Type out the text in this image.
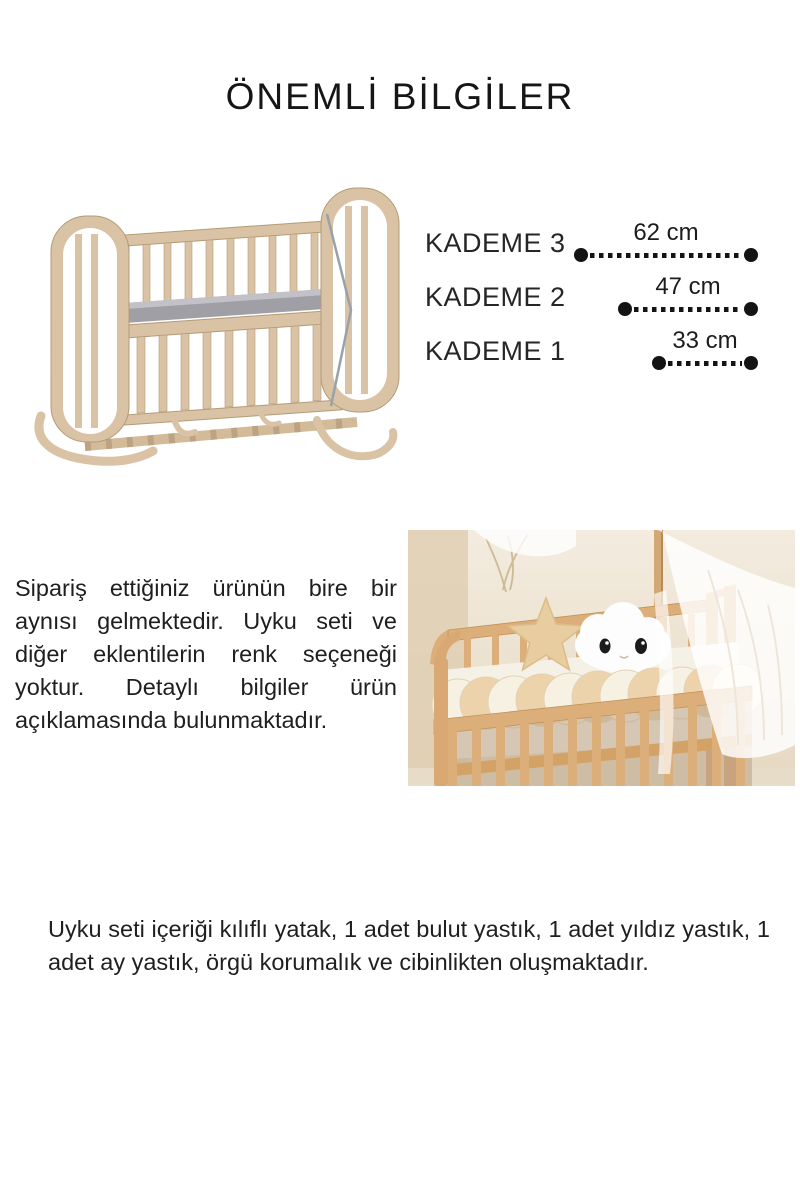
ÖNEMLİ BİLGİLER
KADEME 3	62 cm
KADEME 2	47 cm
KADEME 1	33 cm
Sipariş ettiğiniz ürünün bire bir aynısı gelmektedir. Uyku seti ve diğer eklentilerin renk seçeneği yoktur. Detaylı bilgiler ürün açıklamasında bulunmaktadır.
Uyku seti içeriği kılıflı yatak, 1 adet bulut yastık, 1 adet yıldız yastık, 1 adet ay yastık, örgü korumalık ve cibinlikten oluşmaktadır.
